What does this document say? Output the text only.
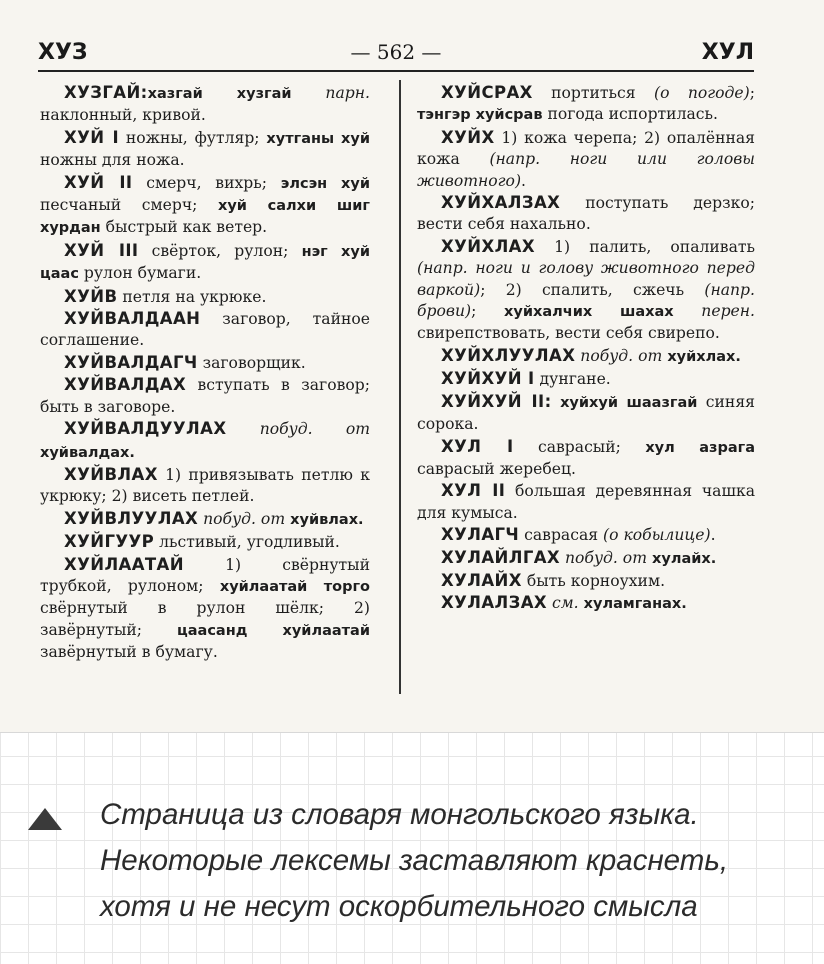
ХУЗ	— 562 —	ХУЛ

ХУЗГАЙ:хазгай хузгай парн. наклонный, кривой.

ХУЙ I ножны, футляр; хутганы хуй ножны для ножа.

ХУЙ II смерч, вихрь; элсэн хуй песчаный смерч; хуй салхи шиг хурдан быстрый как ветер.

ХУЙ III свёрток, рулон; нэг хуй цаас рулон бумаги.

ХУЙВ петля на укрюке.

ХУЙВАЛДААН заговор, тайное соглашение.

ХУЙВАЛДАГЧ заговорщик.

ХУЙВАЛДАХ вступать в заговор; быть в заговоре.

ХУЙВАЛДУУЛАХ побуд. от хуйвалдах.

ХУЙВЛАХ 1) привязывать петлю к укрюку; 2) висеть петлей.

ХУЙВЛУУЛАХ побуд. от хуйвлах.

ХУЙГУУР льстивый, угодливый.

ХУЙЛААТАЙ 1) свёрнутый трубкой, рулоном; хуйлаатай торго свёрнутый в рулон шёлк; 2) завёрнутый; цаасанд хуйлаатай завёрнутый в бумагу.

ХУЙСРАХ портиться (о погоде); тэнгэр хуйсрав погода испортилась.

ХУЙХ 1) кожа черепа; 2) опалённая кожа (напр. ноги или головы животного).

ХУЙХАЛЗАХ поступать дерзко; вести себя нахально.

ХУЙХЛАХ 1) палить, опаливать (напр. ноги и голову животного перед варкой); 2) спалить, сжечь (напр. брови); хуйхалчих шахах перен. свирепствовать, вести себя свирепо.

ХУЙХЛУУЛАХ побуд. от хуйхлах.

ХУЙХУЙ I дунгане.

ХУЙХУЙ II: хуйхуй шаазгай синяя сорока.

ХУЛ I саврасый; хул азрага саврасый жеребец.

ХУЛ II большая деревянная чашка для кумыса.

ХУЛАГЧ саврасая (о кобылице).

ХУЛАЙЛГАХ побуд. от хулайх.

ХУЛАЙХ быть корноухим.

ХУЛАЛЗАХ см. хуламганах.

Страница из словаря монгольского языка.
Некоторые лексемы заставляют краснеть,
хотя и не несут оскорбительного смысла
